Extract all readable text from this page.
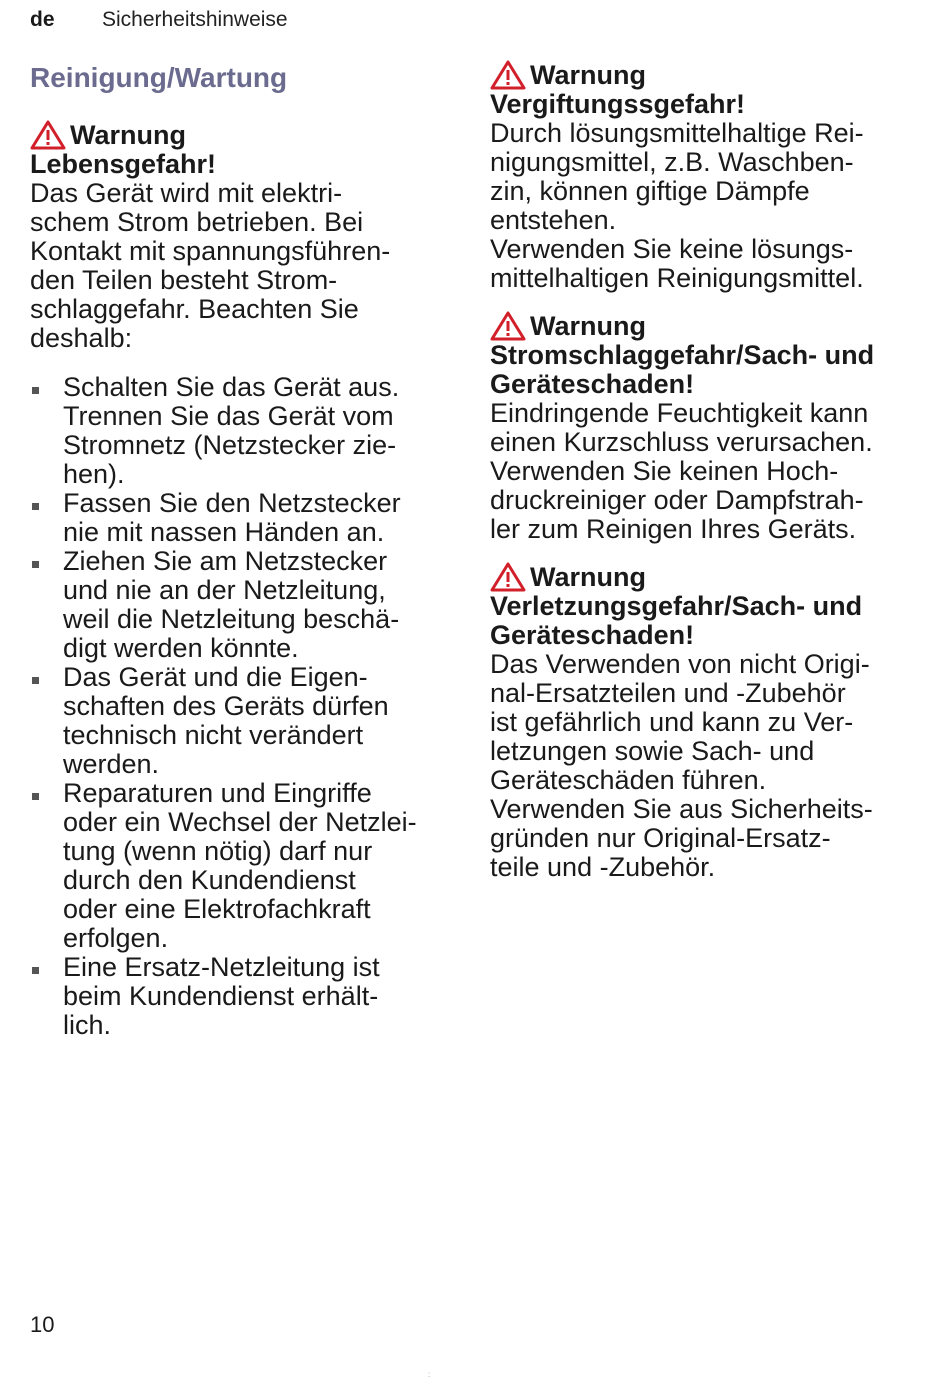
de Sicherheitshinweise
Reinigung/Wartung
Warnung
Lebensgefahr!
Das Gerät wird mit elektri-
schem Strom betrieben. Bei
Kontakt mit spannungsführen-
den Teilen besteht Strom-
schlaggefahr. Beachten Sie
deshalb:
Schalten Sie das Gerät aus.
Trennen Sie das Gerät vom
Stromnetz (Netzstecker zie-
hen).
Fassen Sie den Netzstecker
nie mit nassen Händen an.
Ziehen Sie am Netzstecker
und nie an der Netzleitung,
weil die Netzleitung beschä-
digt werden könnte.
Das Gerät und die Eigen-
schaften des Geräts dürfen
technisch nicht verändert
werden.
Reparaturen und Eingriffe
oder ein Wechsel der Netzlei-
tung (wenn nötig) darf nur
durch den Kundendienst
oder eine Elektrofachkraft
erfolgen.
Eine Ersatz-Netzleitung ist
beim Kundendienst erhält-
lich.
Warnung
Vergiftungssgefahr!
Durch lösungsmittelhaltige Rei-
nigungsmittel, z.B. Waschben-
zin, können giftige Dämpfe
entstehen.
Verwenden Sie keine lösungs-
mittelhaltigen Reinigungsmittel.
Warnung
Stromschlaggefahr/Sach- und
Geräteschaden!
Eindringende Feuchtigkeit kann
einen Kurzschluss verursachen.
Verwenden Sie keinen Hoch-
druckreiniger oder Dampfstrah-
ler zum Reinigen Ihres Geräts.
Warnung
Verletzungsgefahr/Sach- und
Geräteschaden!
Das Verwenden von nicht Origi-
nal-Ersatzteilen und -Zubehör
ist gefährlich und kann zu Ver-
letzungen sowie Sach- und
Geräteschäden führen.
Verwenden Sie aus Sicherheits-
gründen nur Original-Ersatz-
teile und -Zubehör.
10
:
